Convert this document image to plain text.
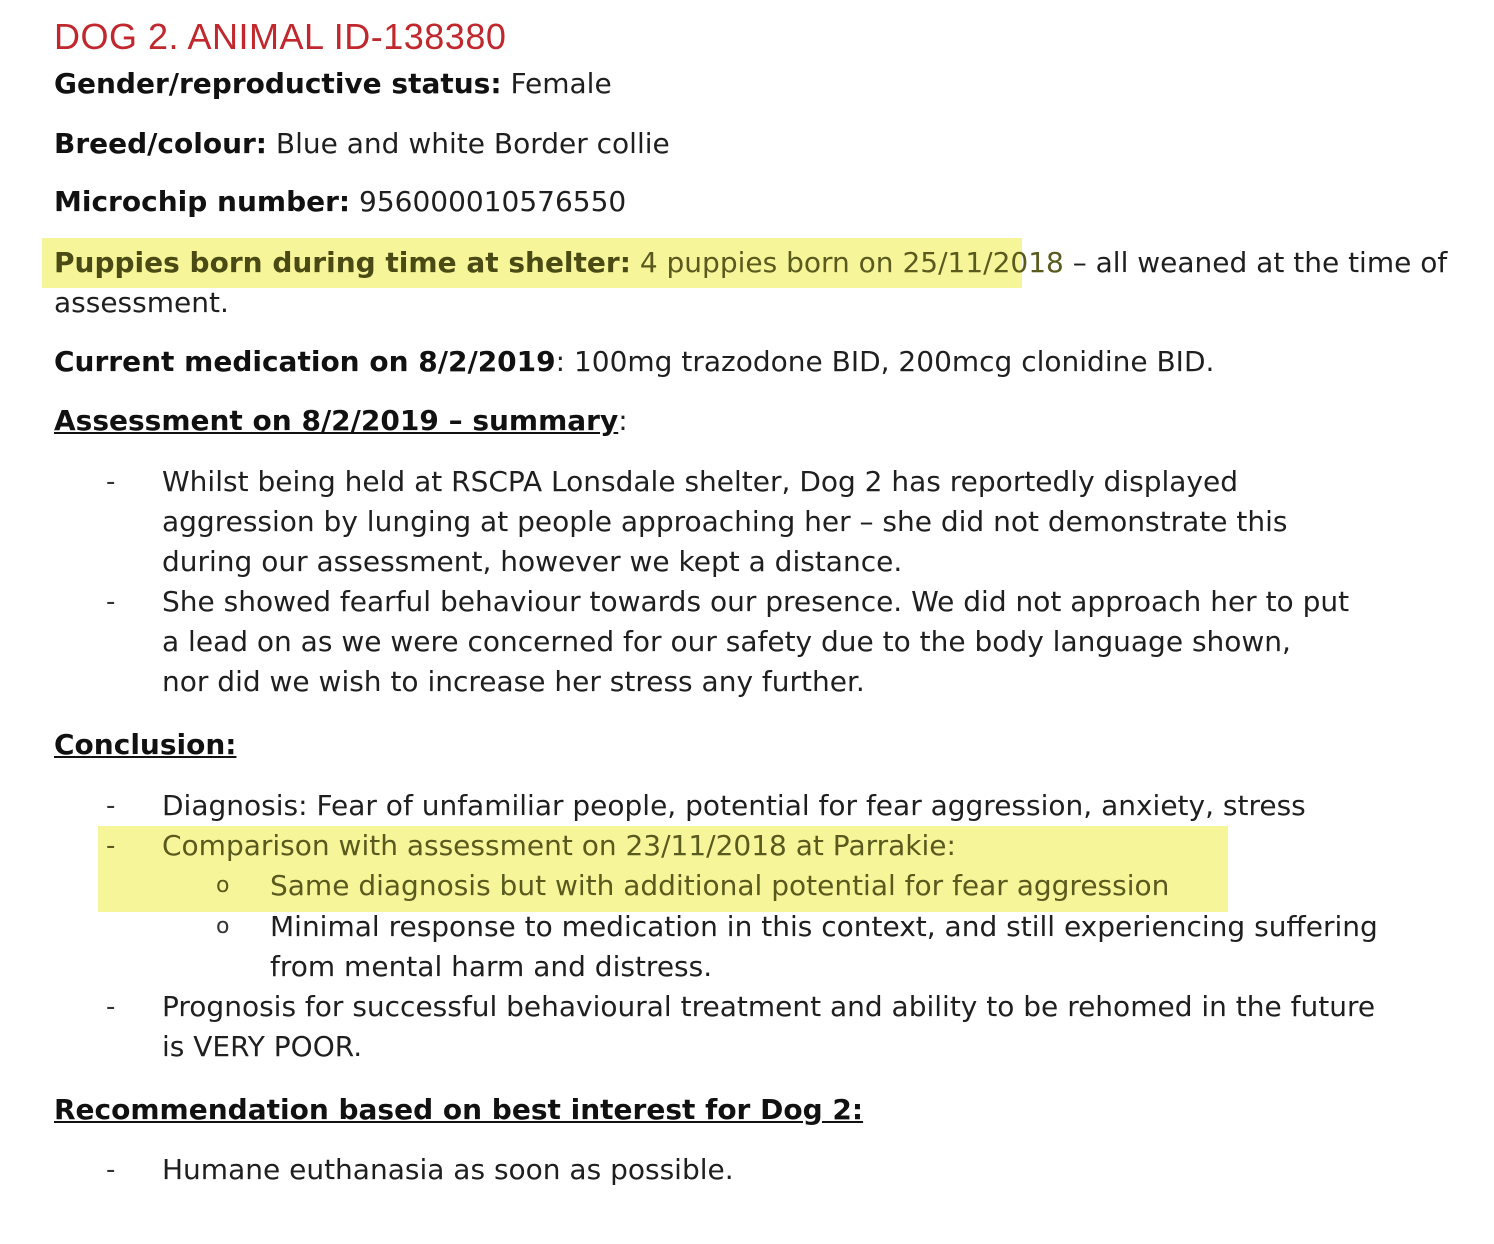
DOG 2. ANIMAL ID-138380
Gender/reproductive status: Female
Breed/colour: Blue and white Border collie
Microchip number: 956000010576550
Puppies born during time at shelter: 4 puppies born on 25/11/2018 – all weaned at the time of
assessment.
Current medication on 8/2/2019: 100mg trazodone BID, 200mcg clonidine BID.
Assessment on 8/2/2019 – summary:
- Whilst being held at RSCPA Lonsdale shelter, Dog 2 has reportedly displayed
aggression by lunging at people approaching her – she did not demonstrate this
during our assessment, however we kept a distance.
- She showed fearful behaviour towards our presence. We did not approach her to put
a lead on as we were concerned for our safety due to the body language shown,
nor did we wish to increase her stress any further.
Conclusion:
- Diagnosis: Fear of unfamiliar people, potential for fear aggression, anxiety, stress
- Comparison with assessment on 23/11/2018 at Parrakie:
o Same diagnosis but with additional potential for fear aggression
o Minimal response to medication in this context, and still experiencing suffering
from mental harm and distress.
- Prognosis for successful behavioural treatment and ability to be rehomed in the future
is VERY POOR.
Recommendation based on best interest for Dog 2:
- Humane euthanasia as soon as possible.
